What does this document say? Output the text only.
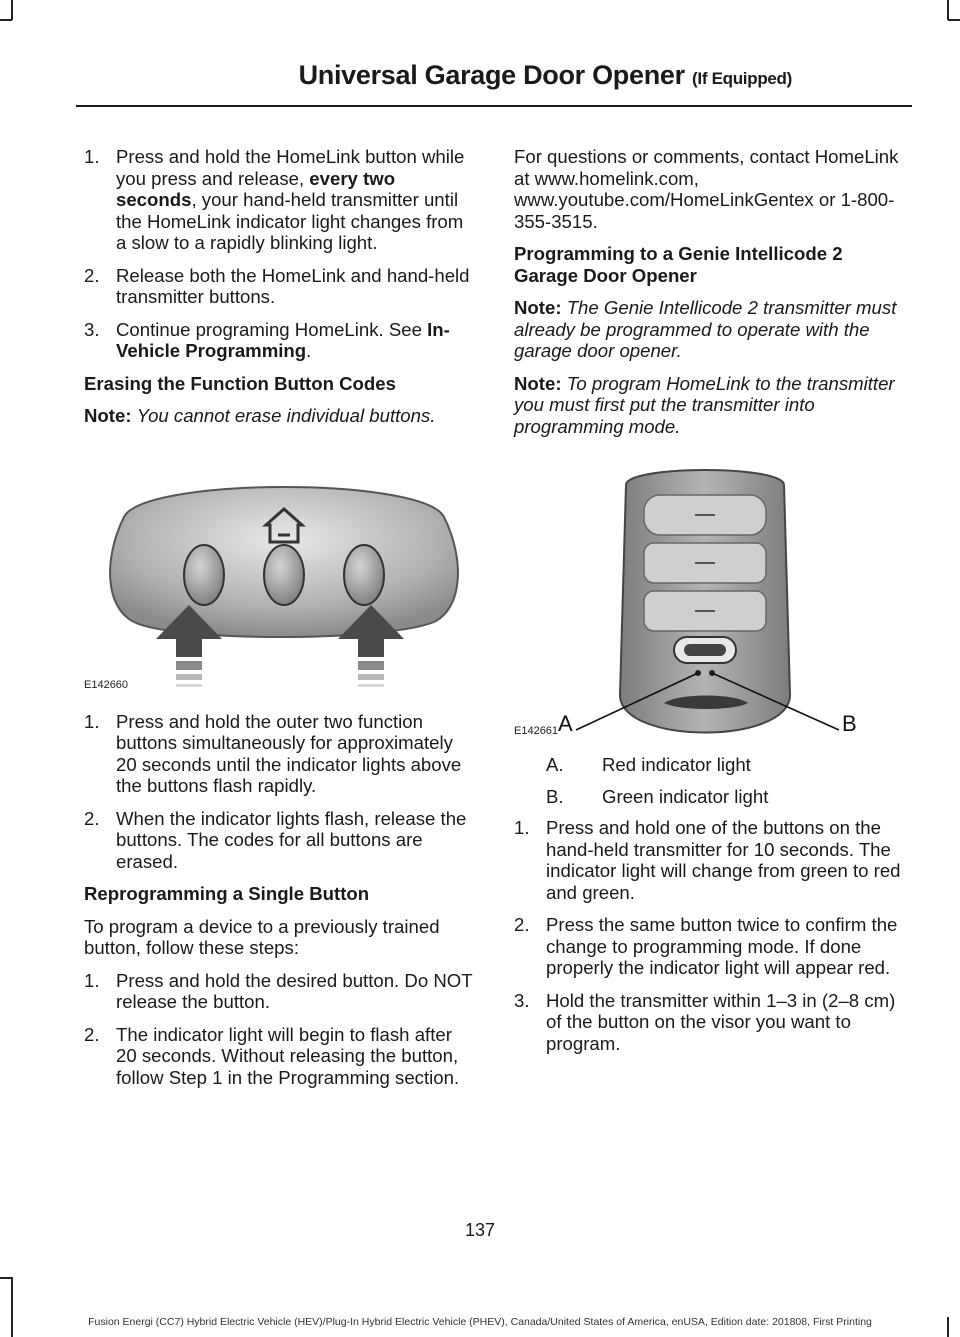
Universal Garage Door Opener (If Equipped)
1. Press and hold the HomeLink button while you press and release, every two seconds, your hand-held transmitter until the HomeLink indicator light changes from a slow to a rapidly blinking light.
2. Release both the HomeLink and hand-held transmitter buttons.
3. Continue programing HomeLink. See In-Vehicle Programming.
Erasing the Function Button Codes
Note: You cannot erase individual buttons.
E142660
1. Press and hold the outer two function buttons simultaneously for approximately 20 seconds until the indicator lights above the buttons flash rapidly.
2. When the indicator lights flash, release the buttons. The codes for all buttons are erased.
Reprogramming a Single Button
To program a device to a previously trained button, follow these steps:
1. Press and hold the desired button. Do NOT release the button.
2. The indicator light will begin to flash after 20 seconds. Without releasing the button, follow Step 1 in the Programming section.
For questions or comments, contact HomeLink at www.homelink.com, www.youtube.com/HomeLinkGentex or 1-800-355-3515.
Programming to a Genie Intellicode 2 Garage Door Opener
Note: The Genie Intellicode 2 transmitter must already be programmed to operate with the garage door opener.
Note: To program HomeLink to the transmitter you must first put the transmitter into programming mode.
A	B
E142661
A.	Red indicator light
B.	Green indicator light
1. Press and hold one of the buttons on the hand-held transmitter for 10 seconds. The indicator light will change from green to red and green.
2. Press the same button twice to confirm the change to programming mode. If done properly the indicator light will appear red.
3. Hold the transmitter within 1–3 in (2–8 cm) of the button on the visor you want to program.
137
Fusion Energi (CC7) Hybrid Electric Vehicle (HEV)/Plug-In Hybrid Electric Vehicle (PHEV), Canada/United States of America, enUSA, Edition date: 201808, First Printing
